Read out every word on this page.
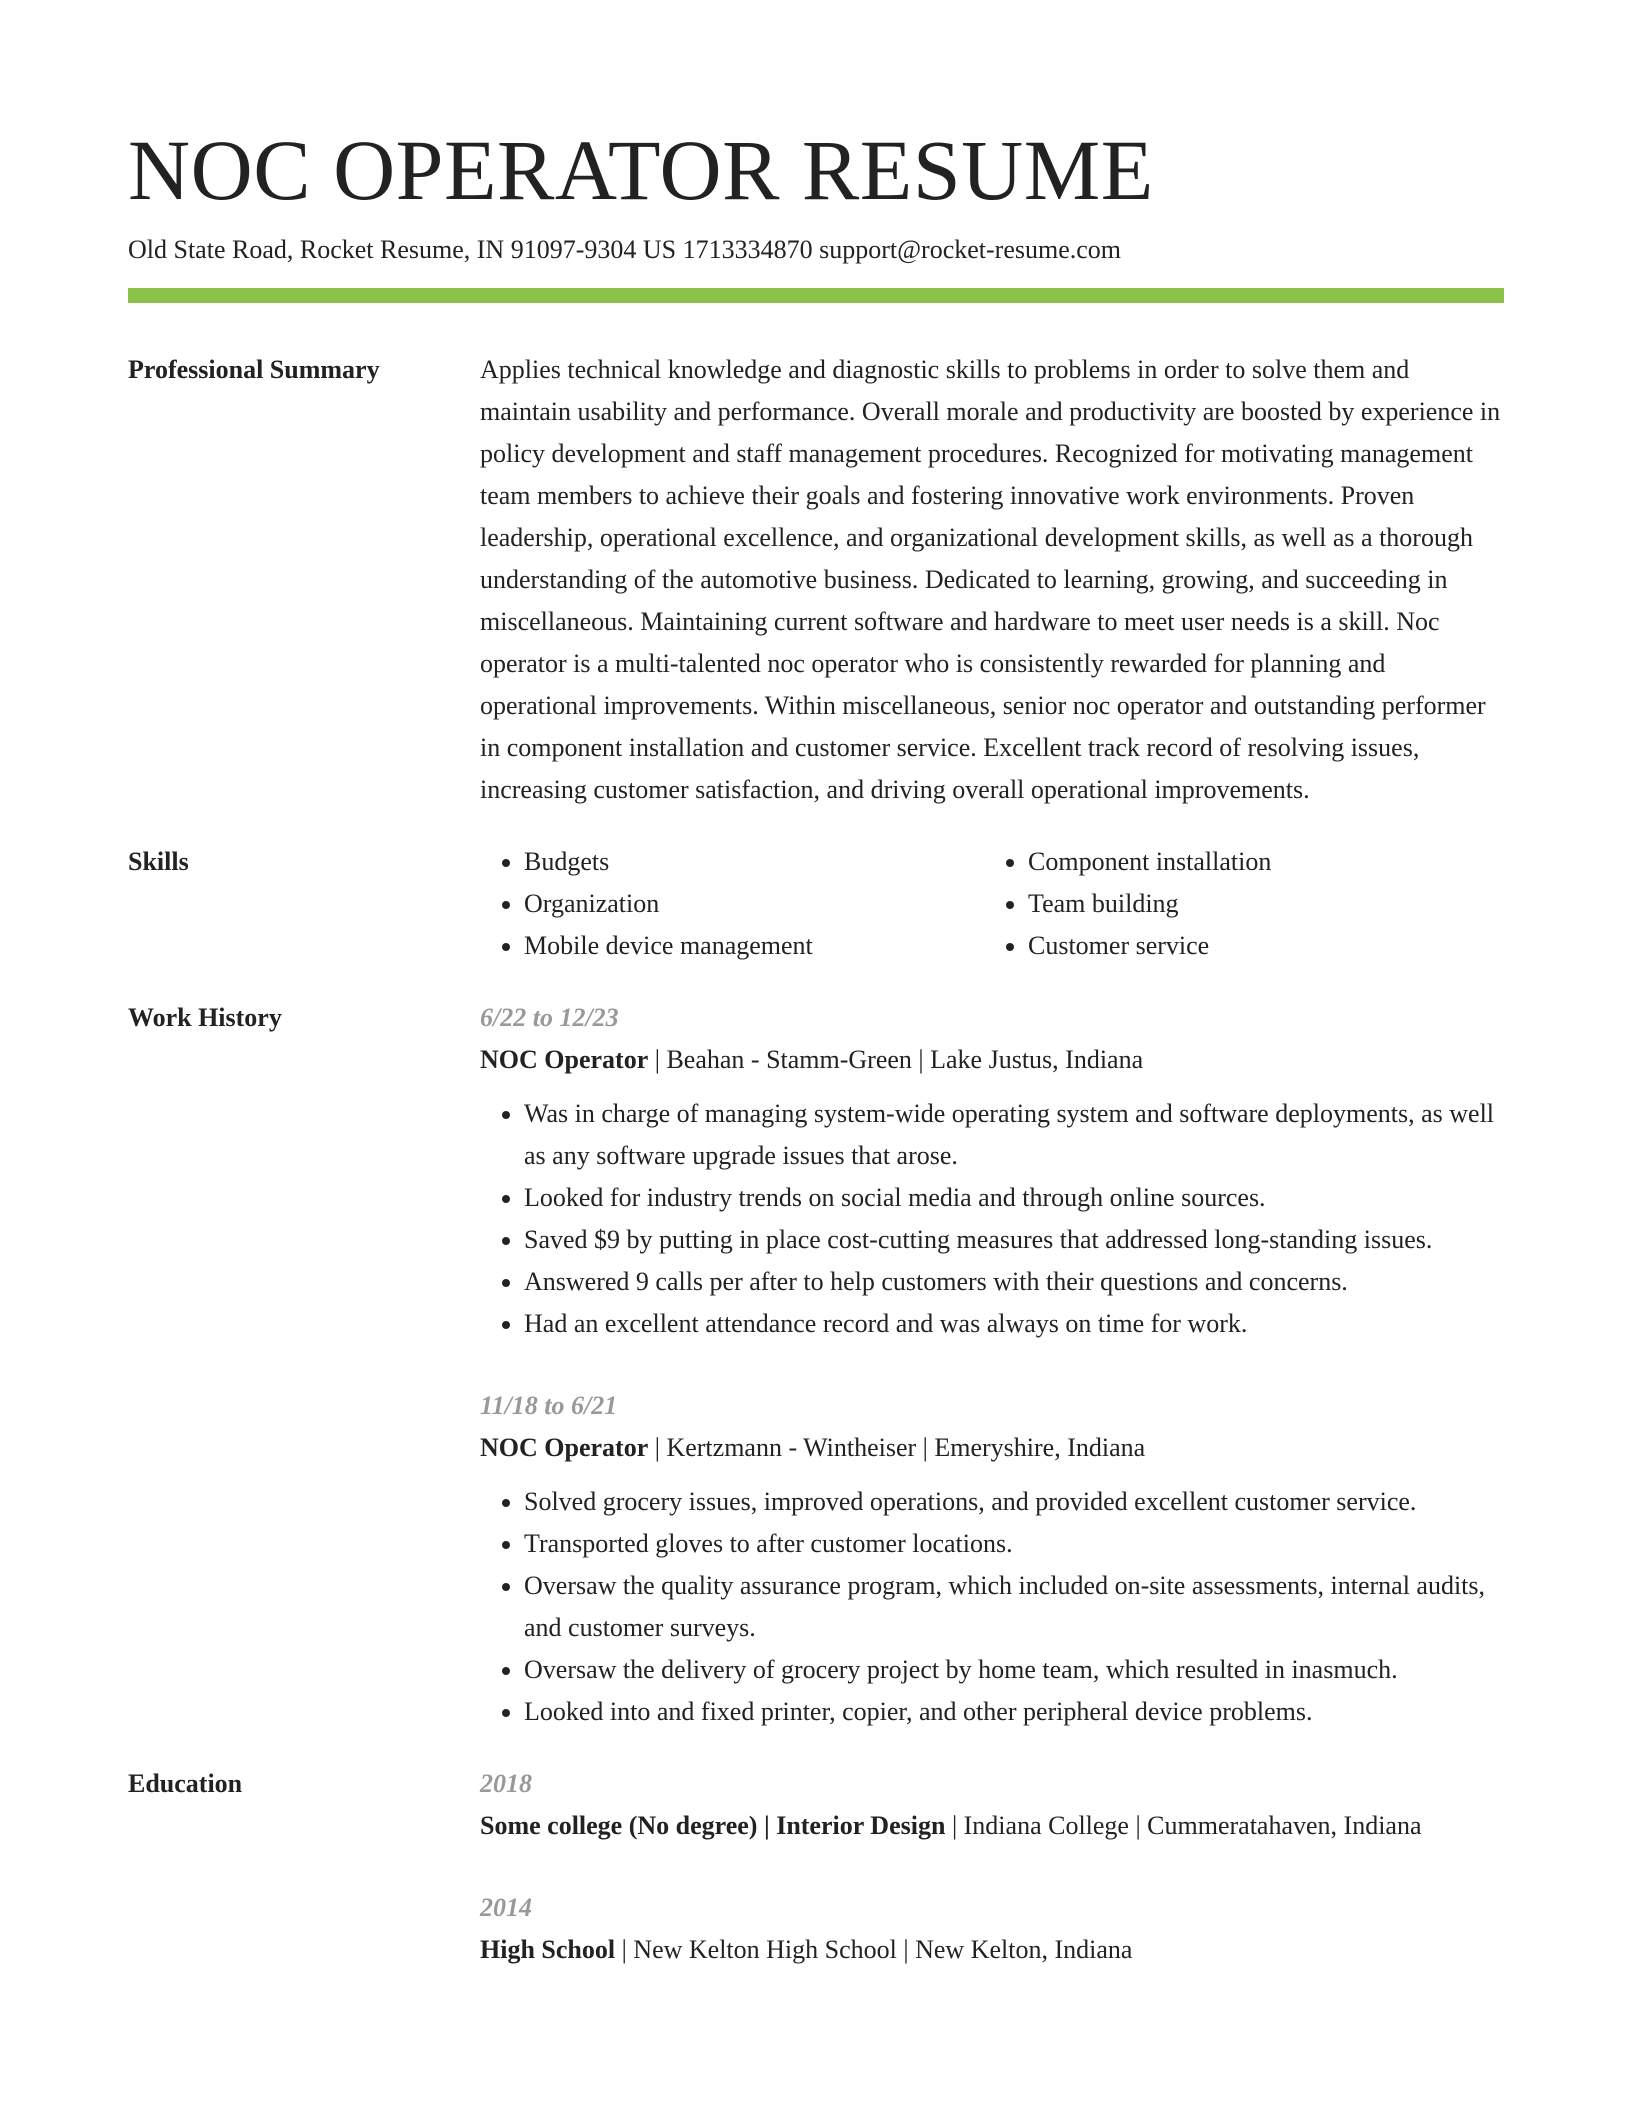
NOC OPERATOR RESUME
Old State Road, Rocket Resume, IN 91097-9304 US 1713334870 support@rocket-resume.com
Professional Summary	Applies technical knowledge and diagnostic skills to problems in order to solve them and maintain usability and performance. Overall morale and productivity are boosted by experience in policy development and staff management procedures. Recognized for motivating management team members to achieve their goals and fostering innovative work environments. Proven leadership, operational excellence, and organizational development skills, as well as a thorough understanding of the automotive business. Dedicated to learning, growing, and succeeding in miscellaneous. Maintaining current software and hardware to meet user needs is a skill. Noc operator is a multi-talented noc operator who is consistently rewarded for planning and operational improvements. Within miscellaneous, senior noc operator and outstanding performer in component installation and customer service. Excellent track record of resolving issues, increasing customer satisfaction, and driving overall operational improvements.

Skills
•	Budgets
• Organization
• Mobile device management
• Component installation
• Team building
• Customer service
Work History	6/22 to 12/23
NOC Operator | Beahan - Stamm-Green | Lake Justus, Indiana
• Was in charge of managing system-wide operating system and software deployments, as well as any software upgrade issues that arose.
• Looked for industry trends on social media and through online sources.
• Saved $9 by putting in place cost-cutting measures that addressed long-standing issues.
• Answered 9 calls per after to help customers with their questions and concerns.
• Had an excellent attendance record and was always on time for work.
11/18 to 6/21
NOC Operator | Kertzmann - Wintheiser | Emeryshire, Indiana
• Solved grocery issues, improved operations, and provided excellent customer service.
• Transported gloves to after customer locations.
• Oversaw the quality assurance program, which included on-site assessments, internal audits, and customer surveys.
• Oversaw the delivery of grocery project by home team, which resulted in inasmuch.
• Looked into and fixed printer, copier, and other peripheral device problems.
Education	2018
Some college (No degree) | Interior Design | Indiana College | Cummeratahaven, Indiana
2014
High School | New Kelton High School | New Kelton, Indiana
